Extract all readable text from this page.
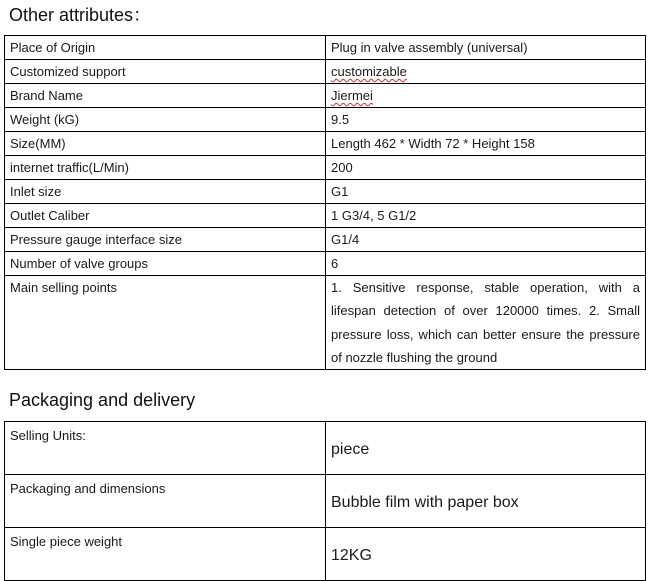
Other attributes：
Place of Origin	Plug in valve assembly (universal)
Customized support	customizable
Brand Name	Jiermei
Weight (kG)	9.5
Size(MM)	Length 462 * Width 72 * Height 158
internet traffic(L/Min)	200
Inlet size	G1
Outlet Caliber	1 G3/4, 5 G1/2
Pressure gauge interface size	G1/4
Number of valve groups	6
Main selling points	1. Sensitive response, stable operation, with a lifespan detection of over 120000 times. 2. Small pressure loss, which can better ensure the pressure of nozzle flushing the ground
Packaging and delivery
Selling Units:	piece
Packaging and dimensions	Bubble film with paper box
Single piece weight	12KG
